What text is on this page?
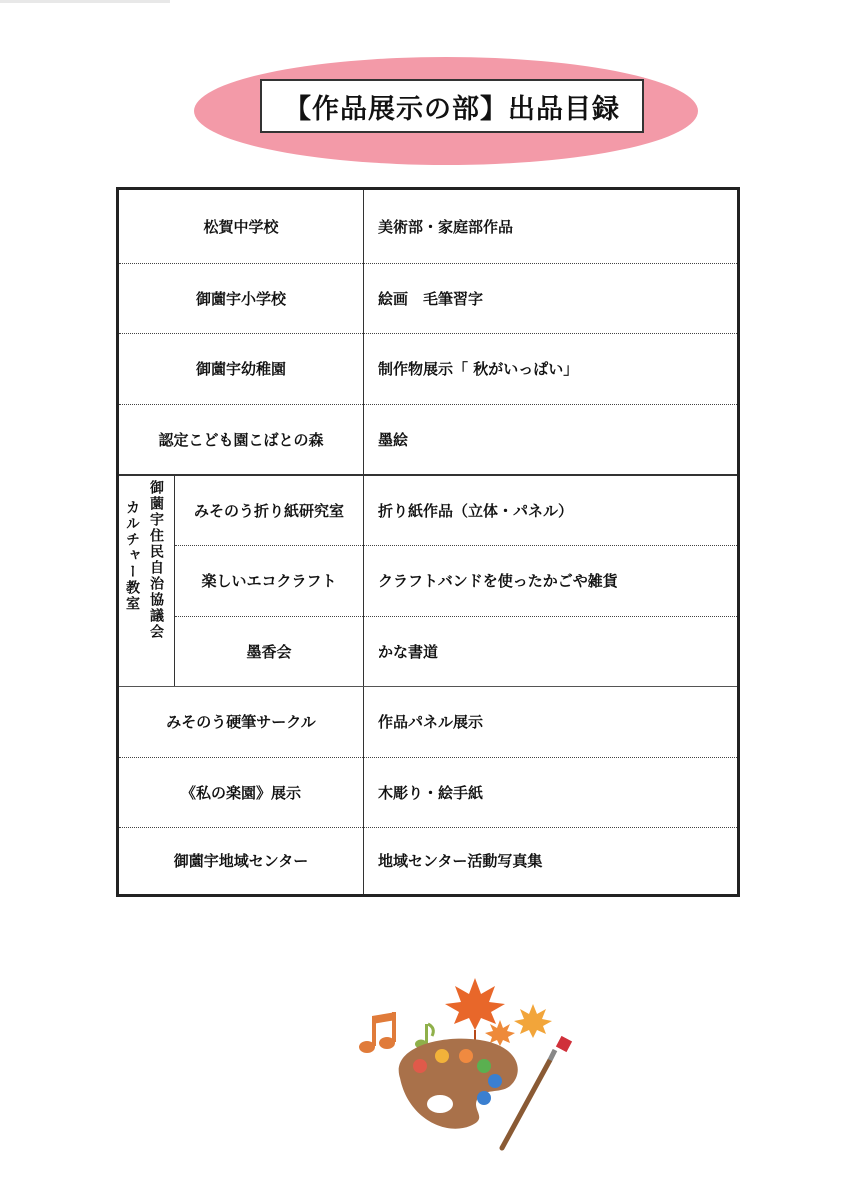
【作品展示の部】出品目録
御薗宇住民自治協議会
カルチャー教室
松賀中学校	美術部・家庭部作品
御薗宇小学校	絵画　毛筆習字
御薗宇幼稚園	制作物展示「 秋がいっぱい」
認定こども園こばとの森	墨絵
みそのう折り紙研究室	折り紙作品（立体・パネル）
楽しいエコクラフト	クラフトバンドを使ったかごや雑貨
墨香会	かな書道
みそのう硬筆サークル	作品パネル展示
《私の楽園》展示	木彫り・絵手紙
御薗宇地域センター	地域センター活動写真集
